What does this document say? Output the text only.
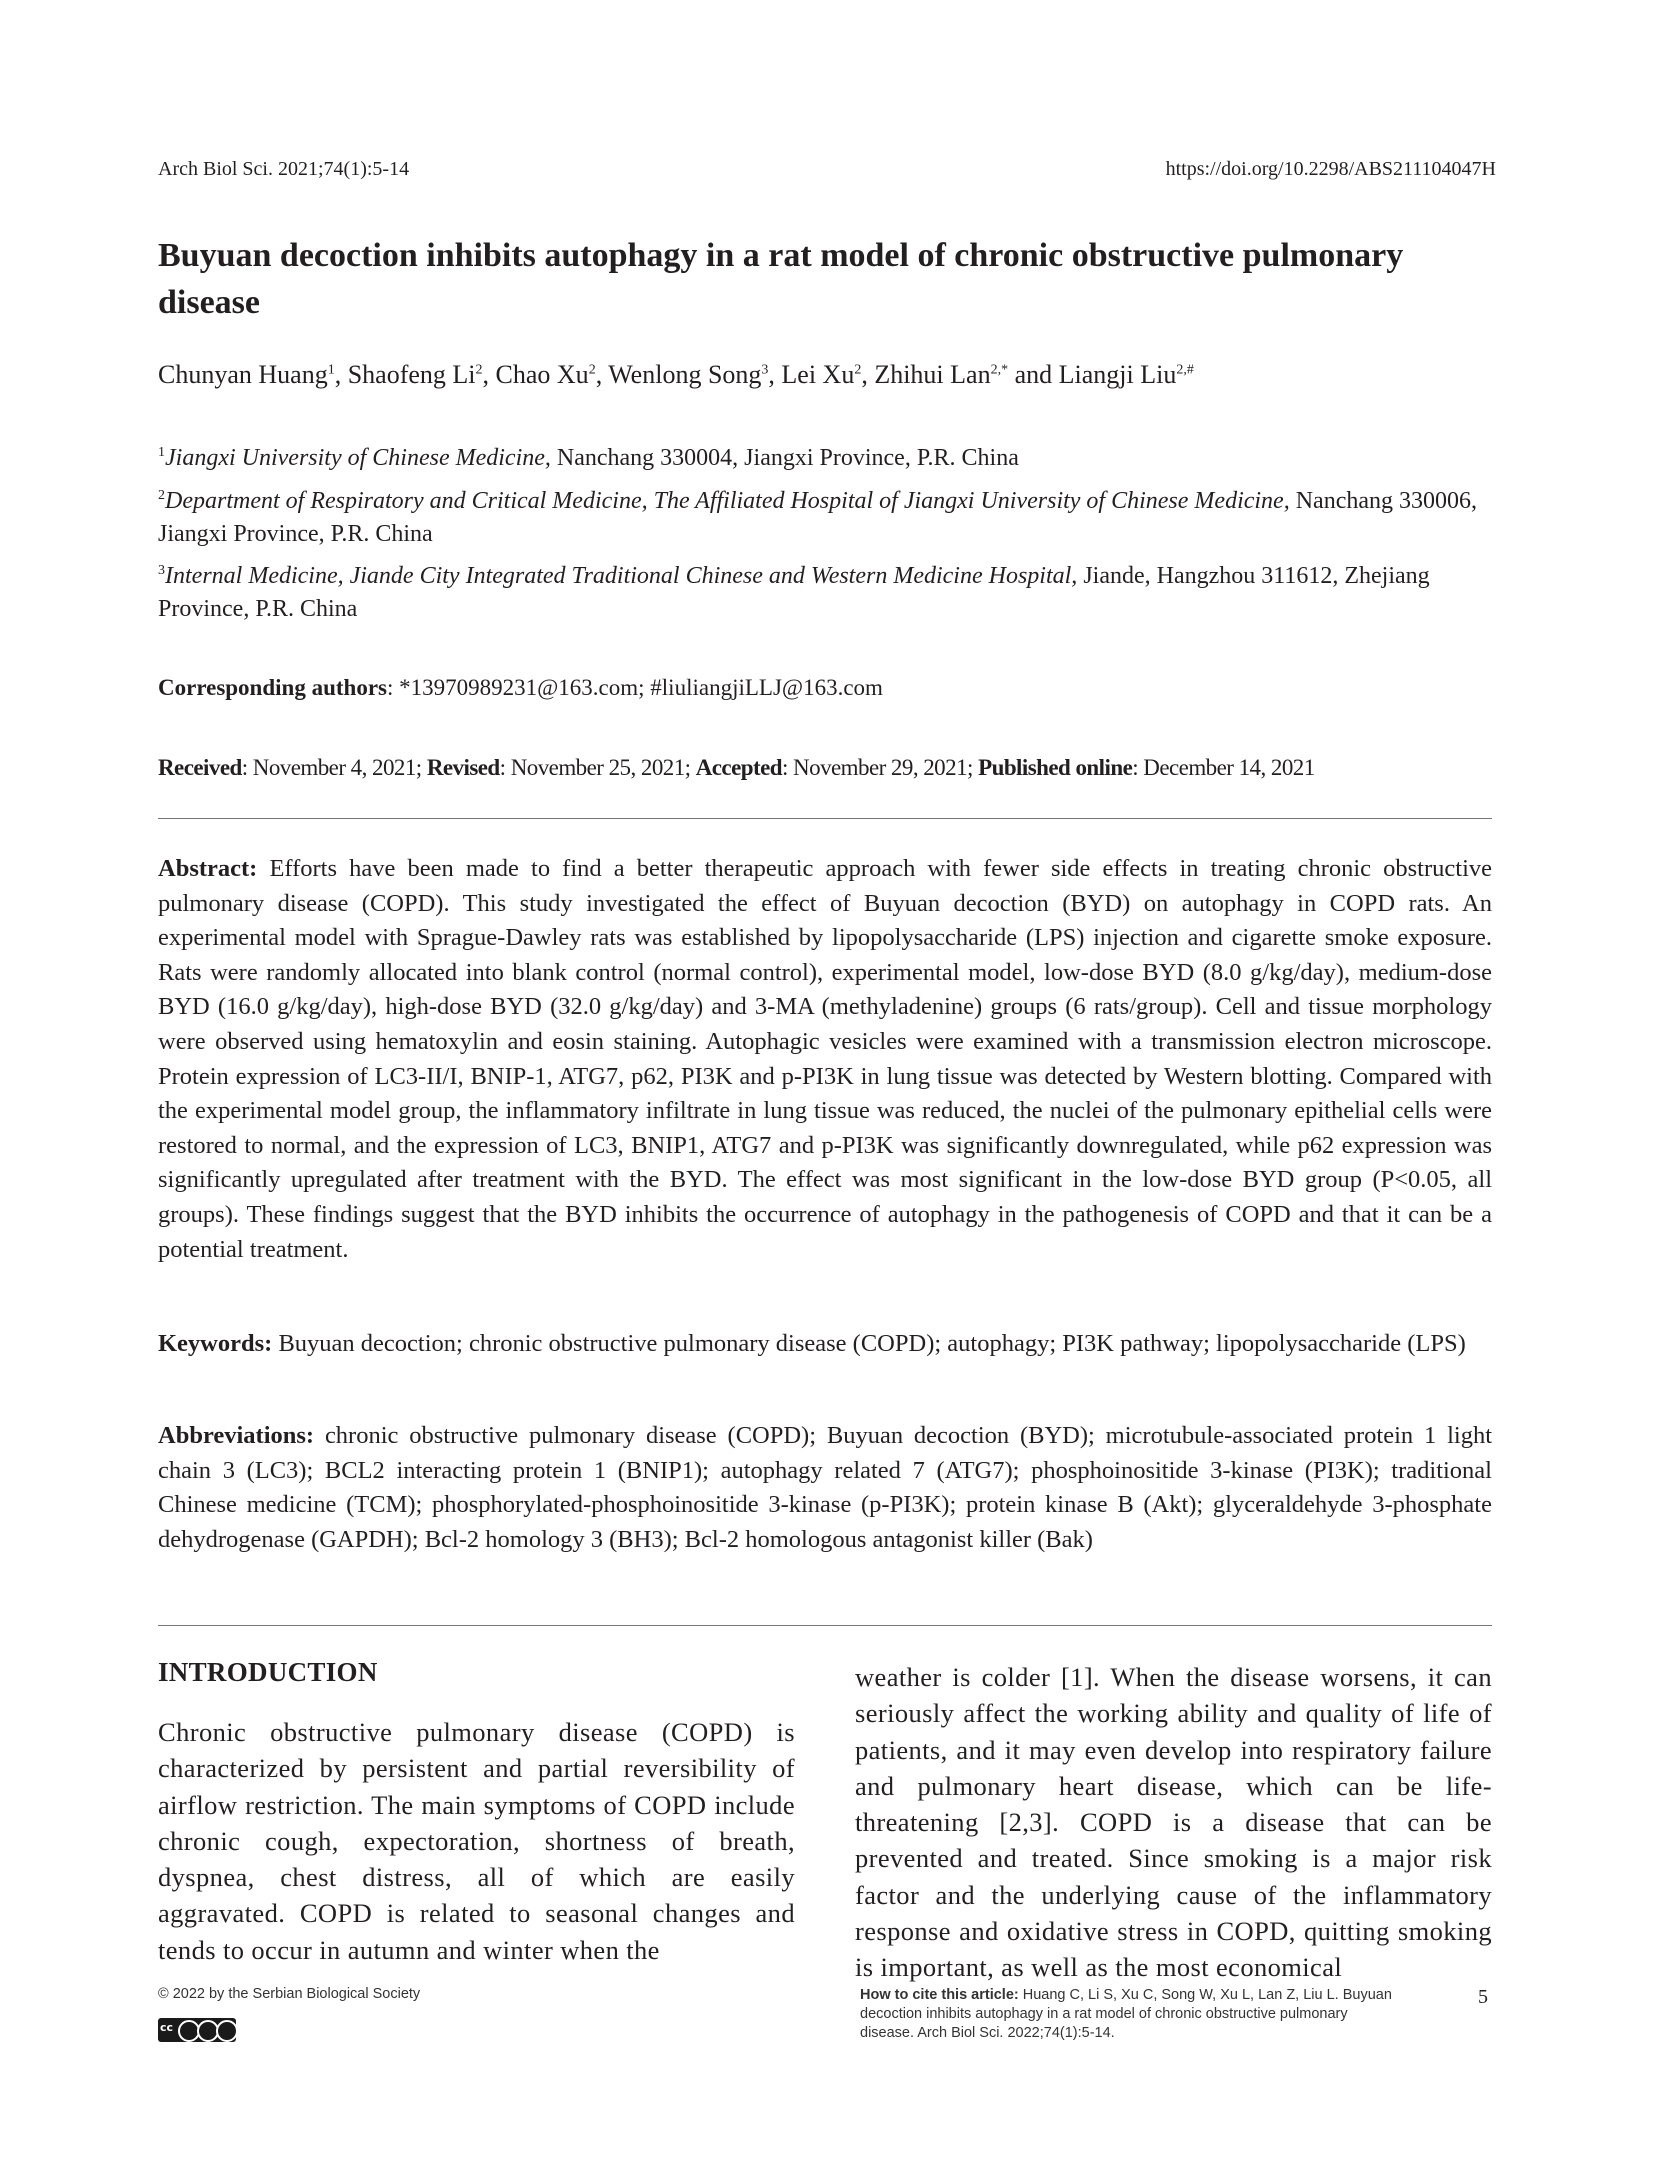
Arch Biol Sci. 2021;74(1):5-14	https://doi.org/10.2298/ABS211104047H
Buyuan decoction inhibits autophagy in a rat model of chronic obstructive pulmonary disease
Chunyan Huang$^1$, Shaofeng Li$^2$, Chao Xu$^2$, Wenlong Song$^3$, Lei Xu$^2$, Zhihui Lan$^{2,*}$ and Liangji Liu$^{2,\#}$
$^1$Jiangxi University of Chinese Medicine, Nanchang 330004, Jiangxi Province, P.R. China
$^2$Department of Respiratory and Critical Medicine, The Affiliated Hospital of Jiangxi University of Chinese Medicine, Nanchang 330006, Jiangxi Province, P.R. China
$^3$Internal Medicine, Jiande City Integrated Traditional Chinese and Western Medicine Hospital, Jiande, Hangzhou 311612, Zhejiang Province, P.R. China
Corresponding authors: *13970989231@163.com; #liuliangjiLLJ@163.com
Received: November 4, 2021; Revised: November 25, 2021; Accepted: November 29, 2021; Published online: December 14, 2021

Abstract: Efforts have been made to find a better therapeutic approach with fewer side effects in treating chronic obstructive pulmonary disease (COPD). This study investigated the effect of Buyuan decoction (BYD) on autophagy in COPD rats. An experimental model with Sprague-Dawley rats was established by lipopolysaccharide (LPS) injection and cigarette smoke exposure. Rats were randomly allocated into blank control (normal control), experimental model, low-dose BYD (8.0 g/kg/day), medium-dose BYD (16.0 g/kg/day), high-dose BYD (32.0 g/kg/day) and 3-MA (methyladenine) groups (6 rats/group). Cell and tissue morphology were observed using hematoxylin and eosin staining. Autophagic vesicles were examined with a transmission electron microscope. Protein expression of LC3-II/I, BNIP-1, ATG7, p62, PI3K and p-PI3K in lung tissue was detected by Western blotting. Compared with the experimental model group, the inflammatory infiltrate in lung tissue was reduced, the nuclei of the pulmonary epithelial cells were restored to normal, and the expression of LC3, BNIP1, ATG7 and p-PI3K was significantly downregulated, while p62 expression was significantly upregulated after treatment with the BYD. The effect was most significant in the low-dose BYD group (P<0.05, all groups). These findings suggest that the BYD inhibits the occurrence of autophagy in the pathogenesis of COPD and that it can be a potential treatment.

Keywords: Buyuan decoction; chronic obstructive pulmonary disease (COPD); autophagy; PI3K pathway; lipopolysaccharide (LPS)

Abbreviations: chronic obstructive pulmonary disease (COPD); Buyuan decoction (BYD); microtubule-associated protein 1 light chain 3 (LC3); BCL2 interacting protein 1 (BNIP1); autophagy related 7 (ATG7); phosphoinositide 3-kinase (PI3K); traditional Chinese medicine (TCM); phosphorylated-phosphoinositide 3-kinase (p-PI3K); protein kinase B (Akt); glyceraldehyde 3-phosphate dehydrogenase (GAPDH); Bcl-2 homology 3 (BH3); Bcl-2 homologous antagonist killer (Bak)

INTRODUCTION

Chronic obstructive pulmonary disease (COPD) is characterized by persistent and partial reversibility of airflow restriction. The main symptoms of COPD include chronic cough, expectoration, shortness of breath, dyspnea, chest distress, all of which are easily aggravated. COPD is related to seasonal changes and tends to occur in autumn and winter when the

weather is colder [1]. When the disease worsens, it can seriously affect the working ability and quality of life of patients, and it may even develop into respiratory failure and pulmonary heart disease, which can be life-threatening [2,3]. COPD is a disease that can be prevented and treated. Since smoking is a major risk factor and the underlying cause of the inflammatory response and oxidative stress in COPD, quitting smoking is important, as well as the most economical

© 2022 by the Serbian Biological Society
cc
How to cite this article: Huang C, Li S, Xu C, Song W, Xu L, Lan Z, Liu L. Buyuan decoction inhibits autophagy in a rat model of chronic obstructive pulmonary disease. Arch Biol Sci. 2022;74(1):5-14.
5
